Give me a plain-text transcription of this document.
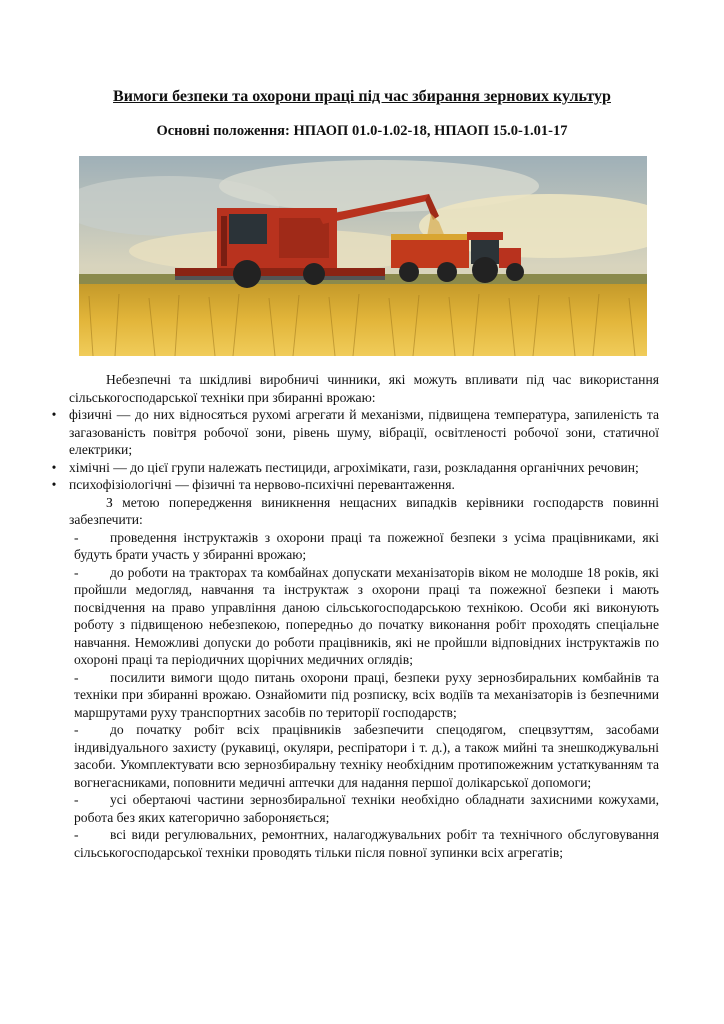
Вимоги безпеки та охорони праці під час збирання зернових культур
Основні положення: НПАОП 01.0-1.02-18, НПАОП 15.0-1.01-17

Небезпечні та шкідливі виробничі чинники, які можуть впливати під час використання сільськогосподарської техніки при збиранні врожаю:

• фізичні — до них відносяться рухомі агрегати й механізми, підвищена температура, запиленість та загазованість повітря робочої зони, рівень шуму, вібрації, освітленості робочої зони, статичної електрики;
• хімічні — до цієї групи належать пестициди, агрохімікати, гази, розкладання органічних речовин;
• психофізіологічні — фізичні та нервово-психічні перевантаження.

З метою попередження виникнення нещасних випадків керівники господарств повинні забезпечити:

- проведення інструктажів з охорони праці та пожежної безпеки з усіма працівниками, які будуть брати участь у збиранні врожаю;
- до роботи на тракторах та комбайнах допускати механізаторів віком не молодше 18 років, які пройшли медогляд, навчання та інструктаж з охорони праці та пожежної безпеки і мають посвідчення на право управління даною сільськогосподарською технікою. Особи які виконують роботу з підвищеною небезпекою, попередньо до початку виконання робіт проходять спеціальне навчання. Неможливі допуски до роботи працівників, які не пройшли відповідних інструктажів по охороні праці та періодичних щорічних медичних оглядів;
- посилити вимоги щодо питань охорони праці, безпеки руху зернозбиральних комбайнів та техніки при збиранні врожаю. Ознайомити під розписку, всіх водіїв та механізаторів із безпечними маршрутами руху транспортних засобів по території господарств;
- до початку робіт всіх працівників забезпечити спецодягом, спецвзуттям, засобами індивідуального захисту (рукавиці, окуляри, респіратори і т. д.), а також мийні та знешкоджувальні засоби. Укомплектувати всю зернозбиральну техніку необхідним протипожежним устаткуванням та вогнегасниками, поповнити медичні аптечки для надання першої долікарської допомоги;
- усі обертаючі частини зернозбиральної техніки необхідно обладнати захисними кожухами, робота без яких категорично забороняється;
- всі види регулювальних, ремонтних, налагоджувальних робіт та технічного обслуговування сільськогосподарської техніки проводять тільки після повної зупинки всіх агрегатів;
